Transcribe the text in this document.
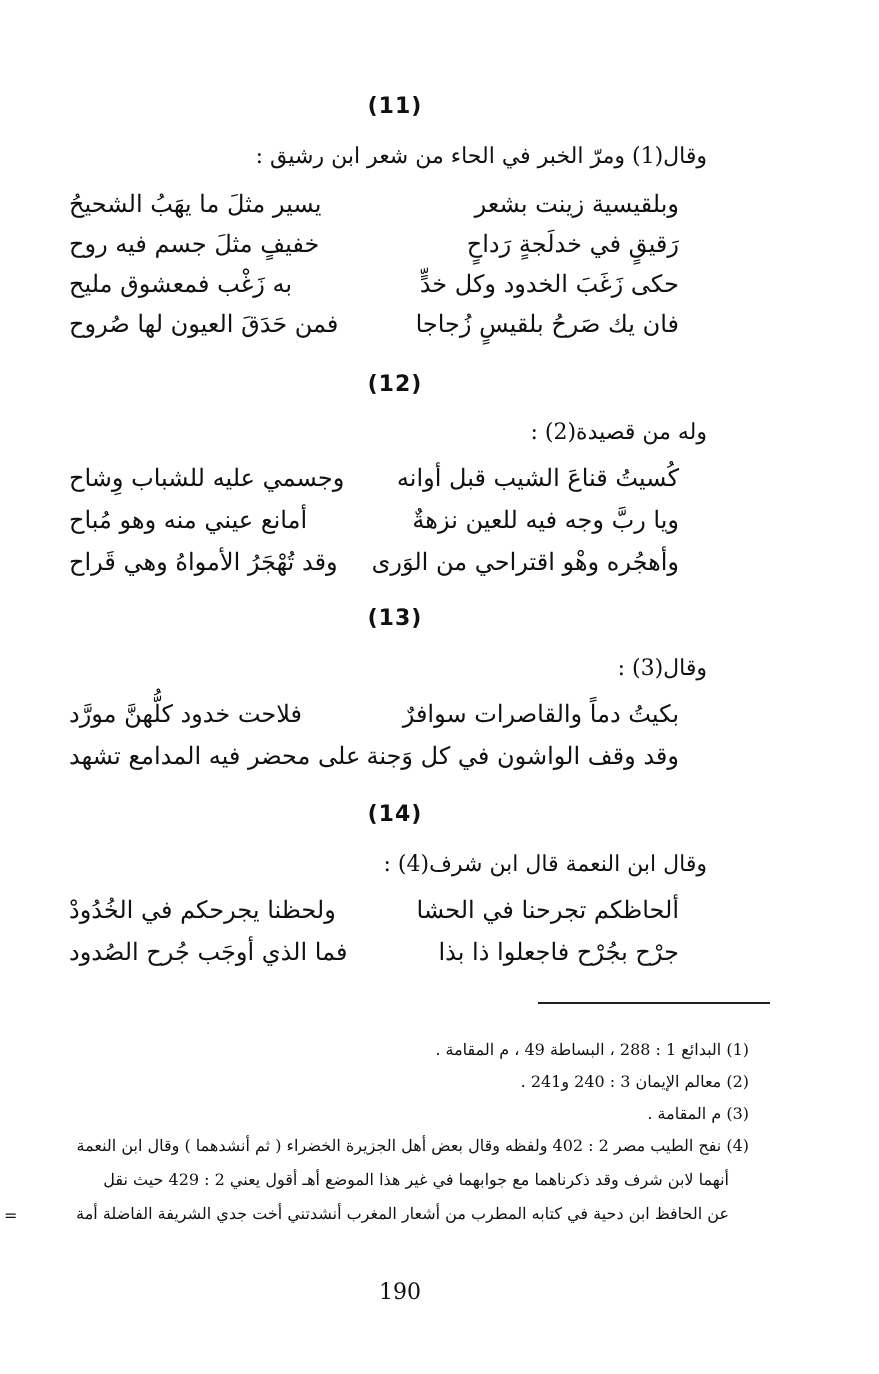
(11)
وقال(1) ومرّ الخبر في الحاء من شعر ابن رشيق :
وبلقيسية زينت بشعر
يسير مثلَ ما يهَبُ الشحيحُ
رَقيقٍ في خدلَجةٍ رَداحٍ
خفيفٍ مثلَ جسم فيه روح
حكى زَغَبَ الخدود وكل خدٍّ
به زَغْب فمعشوق مليح
فان يك صَرحُ بلقيسٍ زُجاجا
فمن حَدَقَ العيون لها صُروح
(12)
وله من قصيدة(2) :
كُسيتُ قناعَ الشيب قبل أوانه
وجسمي عليه للشباب وِشاح
ويا ربَّ وجه فيه للعين نزهةٌ
أمانع عيني منه وهو مُباح
وأهجُره وهْو اقتراحي من الوَرى
وقد تُهْجَرُ الأمواهُ وهي قَراح
(13)
وقال(3) :
بكيتُ دماً والقاصرات سوافرٌ
فلاحت خدود كلُّهنَّ مورَّد
وقد وقف الواشون في كل وَجنة
على محضر فيه المدامع تشهد
(14)
وقال ابن النعمة قال ابن شرف(4) :
ألحاظكم تجرحنا في الحشا
ولحظنا يجرحكم في الخُدُودْ
جرْح بجُرْح فاجعلوا ذا بذا
فما الذي أوجَب جُرح الصُدود
(1) البدائع 1 : 288 ، البساطة 49 ، م المقامة .
(2) معالم الإيمان 3 : 240 و241 .
(3) م المقامة .
(4) نفح الطيب مصر 2 : 402 ولفظه وقال بعض أهل الجزيرة الخضراء ( ثم أنشدهما ) وقال ابن النعمة
أنهما لابن شرف وقد ذكرناهما مع جوابهما في غير هذا الموضع أهـ أقول يعني 2 : 429 حيث نقل
عن الحافظ ابن دحية في كتابه المطرب من أشعار المغرب أنشدتني أخت جدي الشريفة الفاضلة أمة
=
190
